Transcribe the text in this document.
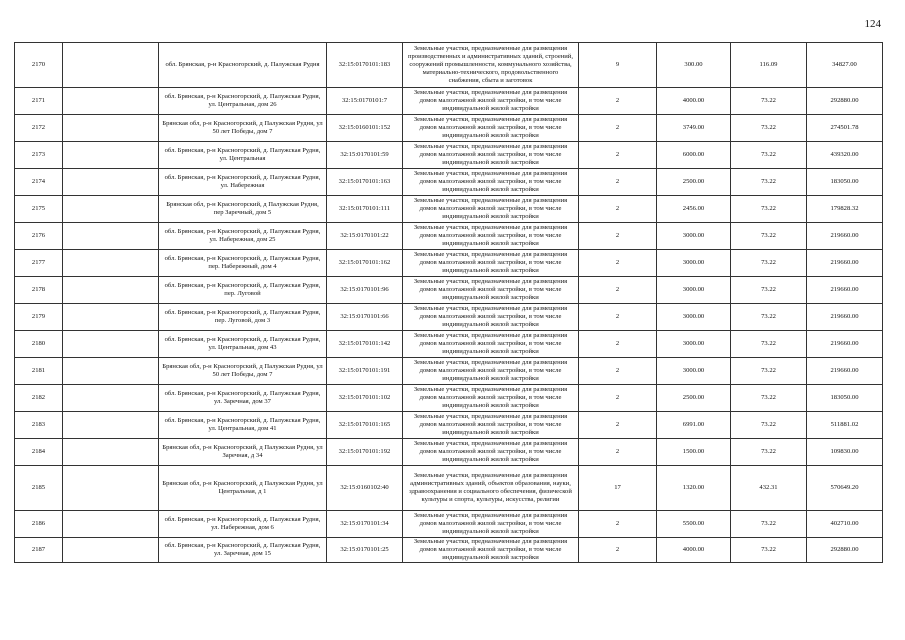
124
2170		обл. Брянская, р-н Красногорский, д. Палужская Рудня	32:15:0170101:183	Земельные участки, предназначенные для размещения производственных и административных зданий, строений, сооружений промышленности, коммунального хозяйства, материально-технического, продовольственного снабжения, сбыта и заготовок	9	300.00	116.09	34827.00
2171		обл. Брянская, р-н Красногорский, д. Палужская Рудня, ул. Центральная, дом 26	32:15:0170101:7	Земельные участки, предназначенные для размещения домов малоэтажной жилой застройки, в том числе индивидуальной жилой застройки	2	4000.00	73.22	292880.00
2172		Брянская обл, р-н Красногорский, д Палужская Рудня, ул 50 лет Победы, дом 7	32:15:0160101:152	Земельные участки, предназначенные для размещения домов малоэтажной жилой застройки, в том числе индивидуальной жилой застройки	2	3749.00	73.22	274501.78
2173		обл. Брянская, р-н Красногорский, д. Палужская Рудня, ул. Центральная	32:15:0170101:59	Земельные участки, предназначенные для размещения домов малоэтажной жилой застройки, в том числе индивидуальной жилой застройки	2	6000.00	73.22	439320.00
2174		обл. Брянская, р-н Красногорский, д. Палужская Рудня, ул. Набережная	32:15:0170101:163	Земельные участки, предназначенные для размещения домов малоэтажной жилой застройки, в том числе индивидуальной жилой застройки	2	2500.00	73.22	183050.00
2175		Брянская обл, р-н Красногорский, д Палужская Рудня, пер Заречный, дом 5	32:15:0170101:111	Земельные участки, предназначенные для размещения домов малоэтажной жилой застройки, в том числе индивидуальной жилой застройки	2	2456.00	73.22	179828.32
2176		обл. Брянская, р-н Красногорский, д. Палужская Рудня, ул. Набережная, дом 25	32:15:0170101:22	Земельные участки, предназначенные для размещения домов малоэтажной жилой застройки, в том числе индивидуальной жилой застройки	2	3000.00	73.22	219660.00
2177		обл. Брянская, р-н Красногорский, д. Палужская Рудня, пер. Набережный, дом 4	32:15:0170101:162	Земельные участки, предназначенные для размещения домов малоэтажной жилой застройки, в том числе индивидуальной жилой застройки	2	3000.00	73.22	219660.00
2178		обл. Брянская, р-н Красногорский, д. Палужская Рудня, пер. Луговой	32:15:0170101:96	Земельные участки, предназначенные для размещения домов малоэтажной жилой застройки, в том числе индивидуальной жилой застройки	2	3000.00	73.22	219660.00
2179		обл. Брянская, р-н Красногорский, д. Палужская Рудня, пер. Луговой, дом 3	32:15:0170101:66	Земельные участки, предназначенные для размещения домов малоэтажной жилой застройки, в том числе индивидуальной жилой застройки	2	3000.00	73.22	219660.00
2180		обл. Брянская, р-н Красногорский, д. Палужская Рудня, ул. Центральная, дом 43	32:15:0170101:142	Земельные участки, предназначенные для размещения домов малоэтажной жилой застройки, в том числе индивидуальной жилой застройки	2	3000.00	73.22	219660.00
2181		Брянская обл, р-н Красногорский, д Палужская Рудня, ул 50 лет Победы, дом 7	32:15:0170101:191	Земельные участки, предназначенные для размещения домов малоэтажной жилой застройки, в том числе индивидуальной жилой застройки	2	3000.00	73.22	219660.00
2182		обл. Брянская, р-н Красногорский, д. Палужская Рудня, ул. Заречная, дом 37	32:15:0170101:102	Земельные участки, предназначенные для размещения домов малоэтажной жилой застройки, в том числе индивидуальной жилой застройки	2	2500.00	73.22	183050.00
2183		обл. Брянская, р-н Красногорский, д. Палужская Рудня, ул. Центральная, дом 41	32:15:0170101:165	Земельные участки, предназначенные для размещения домов малоэтажной жилой застройки, в том числе индивидуальной жилой застройки	2	6991.00	73.22	511881.02
2184		Брянская обл, р-н Красногорский, д Палужская Рудня, ул Заречная, д 34	32:15:0170101:192	Земельные участки, предназначенные для размещения домов малоэтажной жилой застройки, в том числе индивидуальной жилой застройки	2	1500.00	73.22	109830.00
2185		Брянская обл, р-н Красногорский, д Палужская Рудня, ул Центральная, д 1	32:15:0160102:40	Земельные участки, предназначенные для размещения административных зданий, объектов образования, науки, здравоохранения и социального обеспечения, физической культуры и спорта, культуры, искусства, религии	17	1320.00	432.31	570649.20
2186		обл. Брянская, р-н Красногорский, д. Палужская Рудня, ул. Набережная, дом 6	32:15:0170101:34	Земельные участки, предназначенные для размещения домов малоэтажной жилой застройки, в том числе индивидуальной жилой застройки	2	5500.00	73.22	402710.00
2187		обл. Брянская, р-н Красногорский, д. Палужская Рудня, ул. Заречная, дом 15	32:15:0170101:25	Земельные участки, предназначенные для размещения домов малоэтажной жилой застройки, в том числе индивидуальной жилой застройки	2	4000.00	73.22	292880.00
